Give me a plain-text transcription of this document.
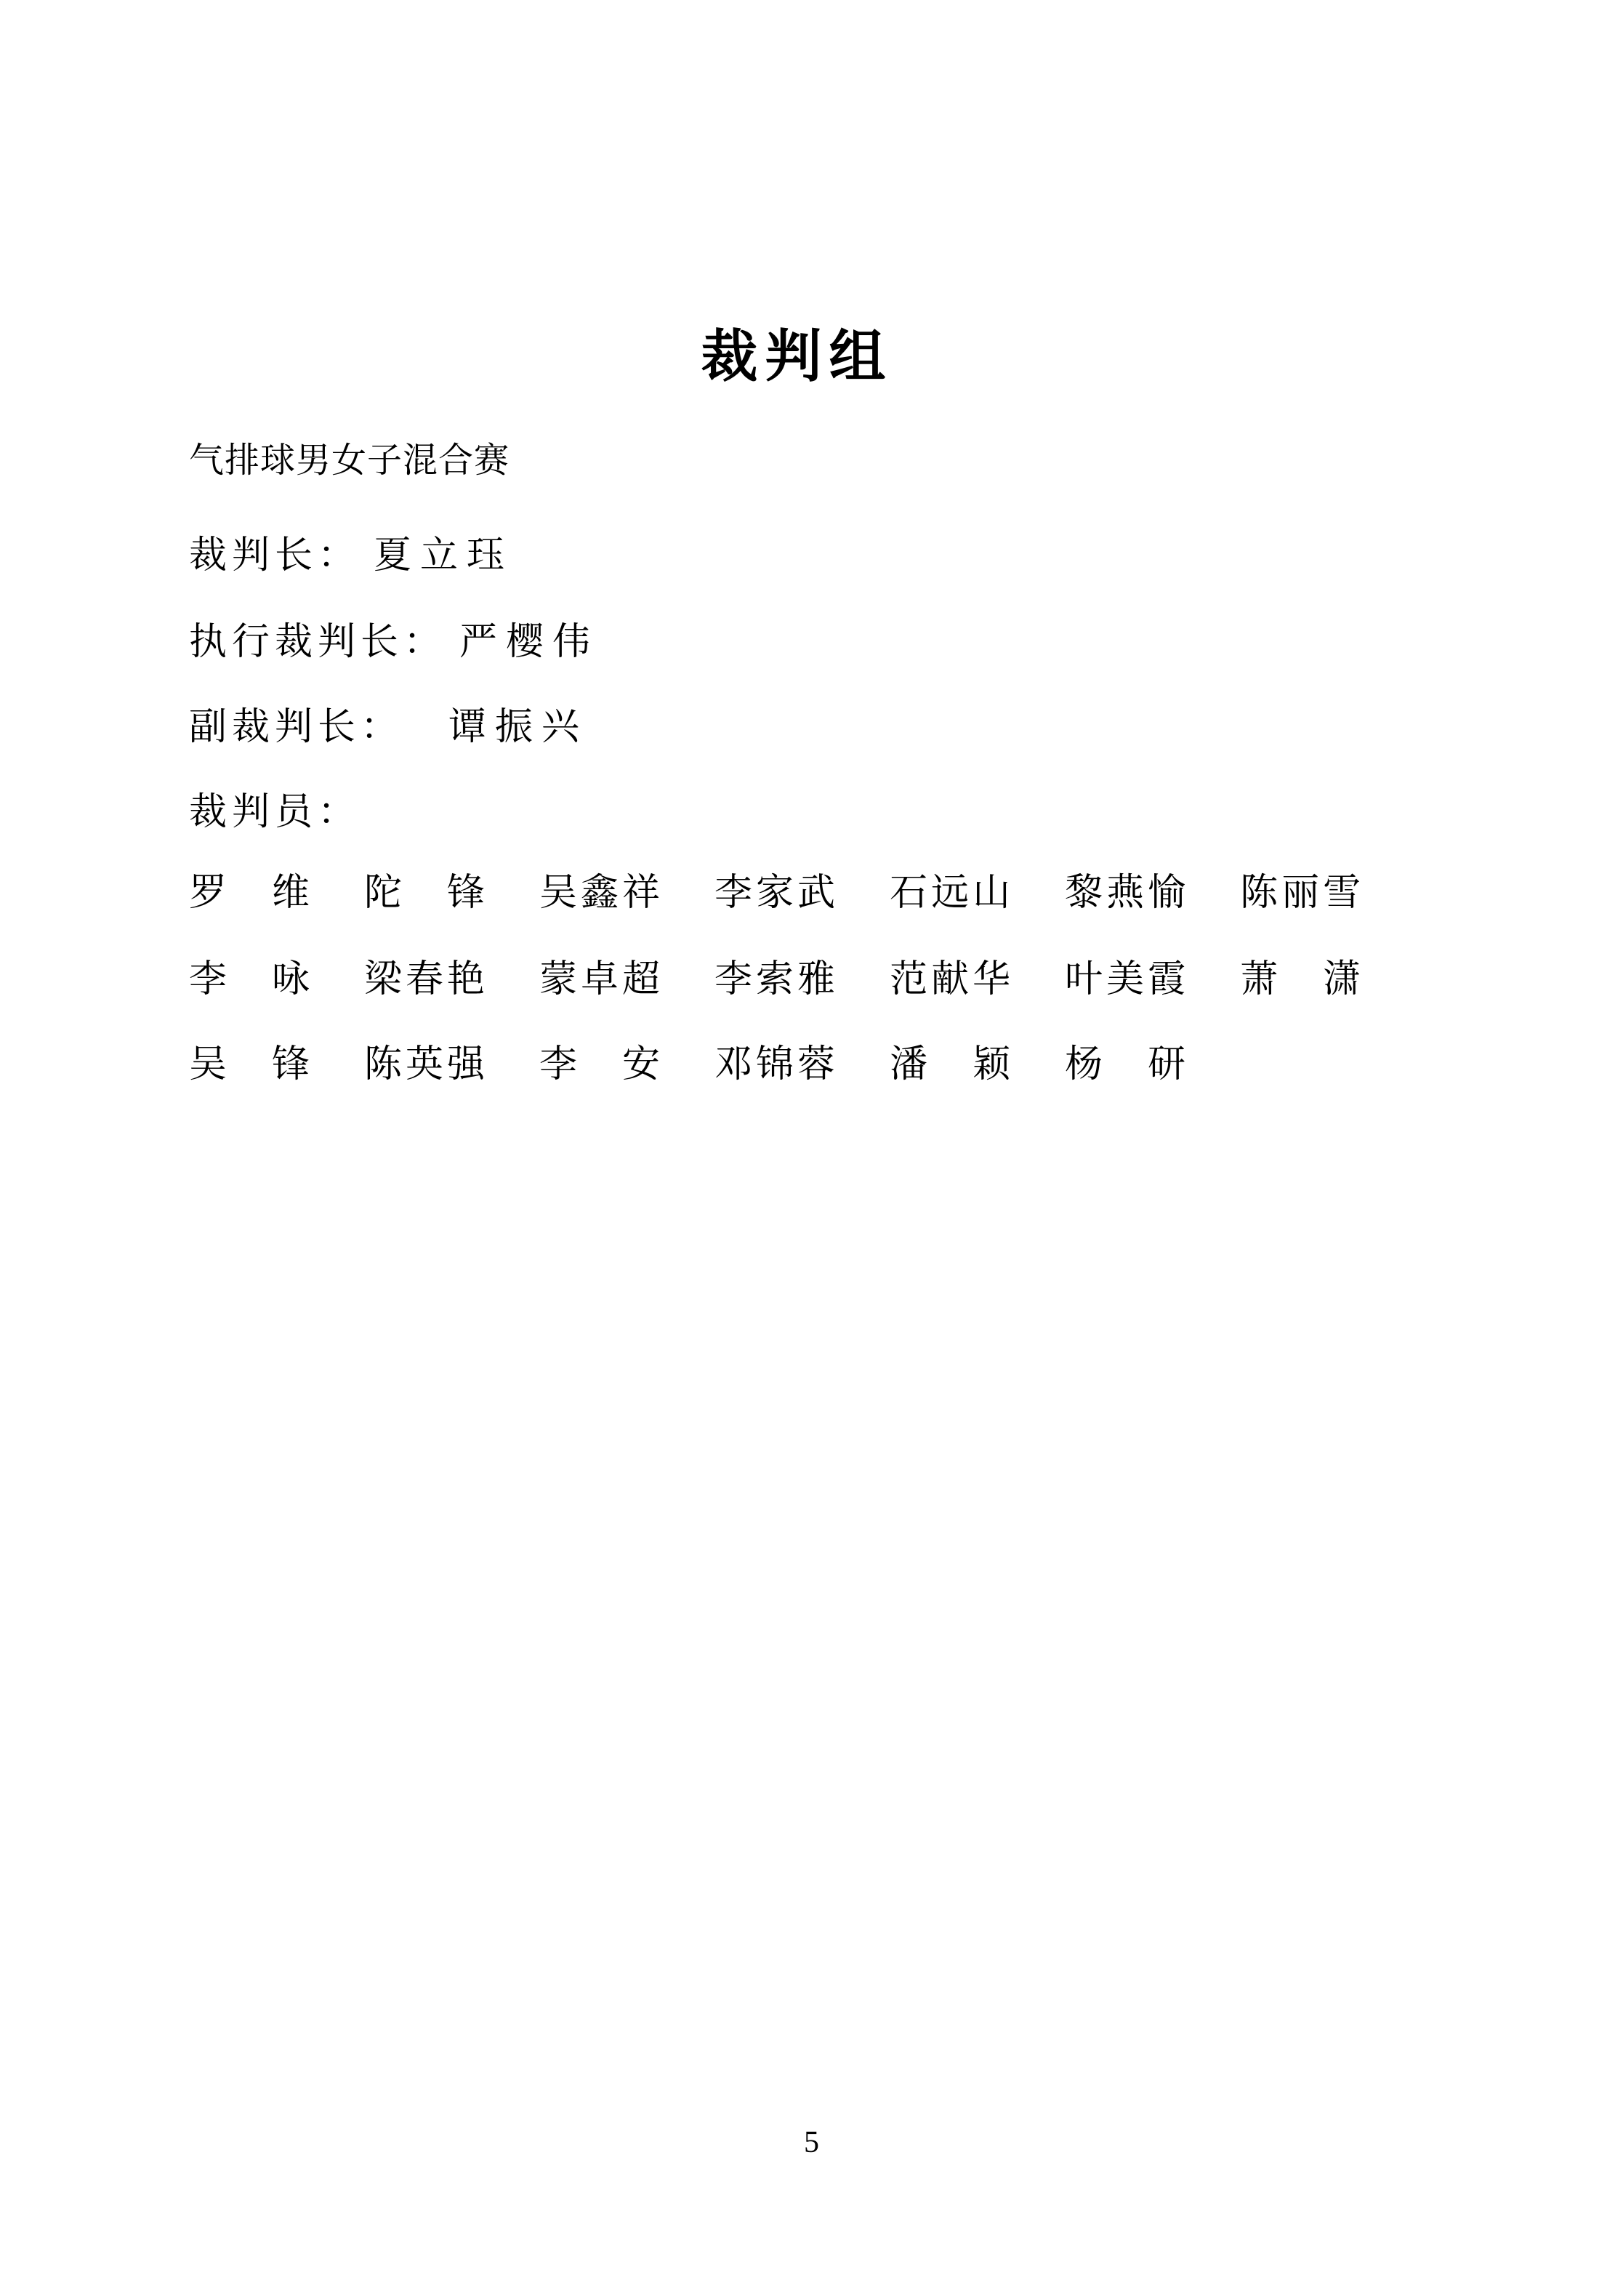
裁判组
气排球男女子混合赛
裁判长： 夏立珏
执行裁判长： 严樱伟
副裁判长： 谭振兴
裁判员：
罗　维 陀　锋 吴鑫祥 李家武 石远山 黎燕愉 陈丽雪
李　咏 梁春艳 蒙卓超 李索雅 范献华 叶美霞 萧　潇
吴　锋 陈英强 李　安 邓锦蓉 潘　颖 杨　研
5
